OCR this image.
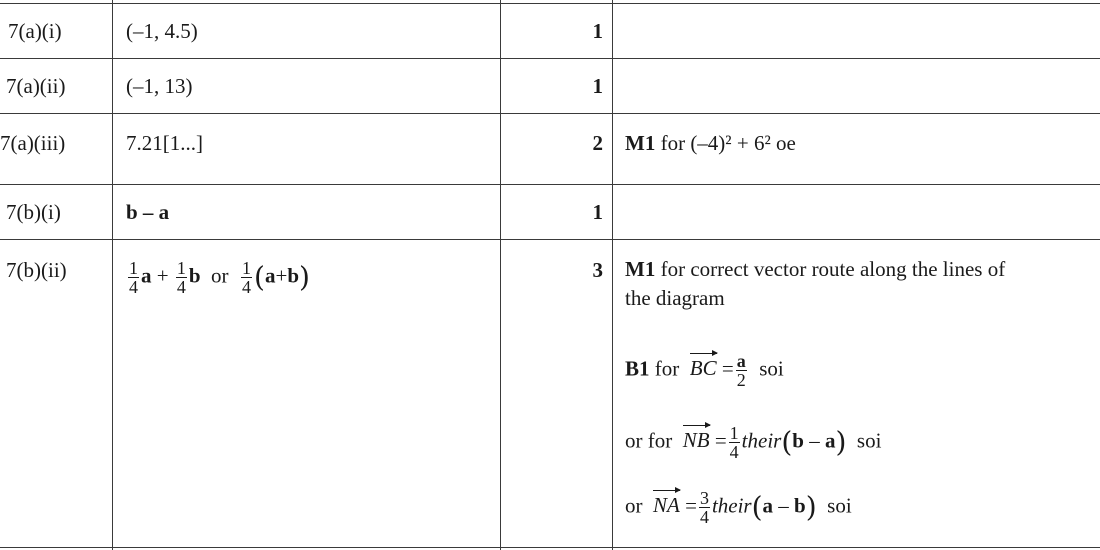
7(a)(i)	(–1, 4.5)	1
7(a)(ii)	(–1, 13)	1
7(a)(iii)	7.21[1...]	2 M1 for (–4)² + 6² oe
7(b)(i)	b – a	1
7(b)(ii)	$\frac{1}{4}$ $a + \frac{1}{4}$ b or $\frac{1}{4} (a+b)$	3 M1 for correct vector route along the lines of
the diagram
B1 for BC = $\frac{a}{2}$ soi
or for NB = $\frac{1}{4}$ their(b – a) soi
or NA = $\frac{3}{4}$ their(a – b) soi
